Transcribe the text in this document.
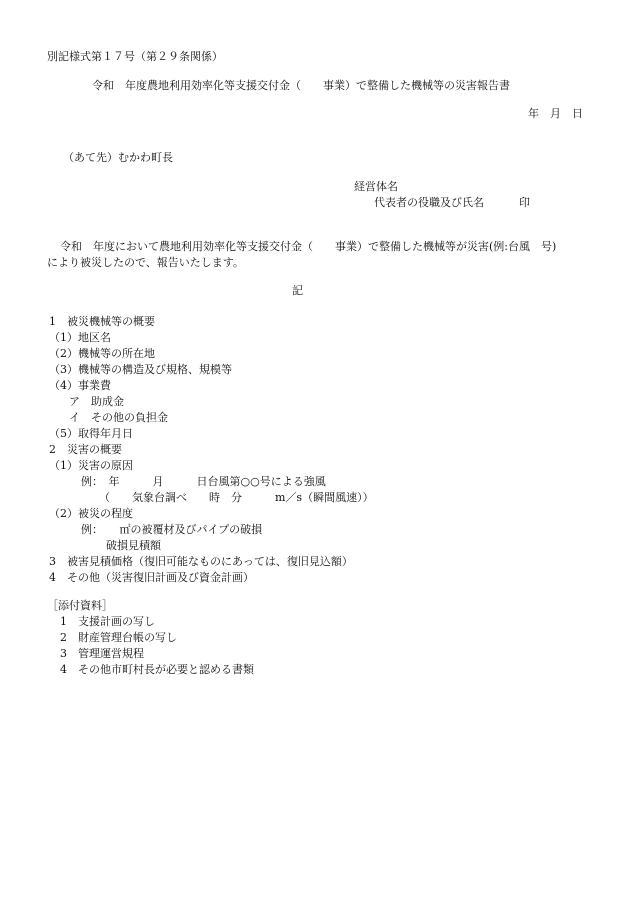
別記様式第１７号（第２９条関係）
令和　年度農地利用効率化等支援交付金（　　事業）で整備した機械等の災害報告書
年　月　日
（あて先）むかわ町長
経営体名
代表者の役職及び氏名	印
令和　年度において農地利用効率化等支援交付金（　　事業）で整備した機械等が災害(例:台風　号)
により被災したので、報告いたします。
記
1　被災機械等の概要
（1）地区名
（2）機械等の所在地
（3）機械等の構造及び規格、規模等
（4）事業費
ア　助成金
イ　その他の負担金
（5）取得年月日
2　災害の概要
（1）災害の原因
例：　年　　　月　　　日台風第○○号による強風
（　　気象台調べ　　時　分　　　m／s（瞬間風速））
（2）被災の程度
例：　　㎡の被覆材及びパイプの破損
破損見積額
3　被害見積価格（復旧可能なものにあっては、復旧見込額）
4　その他（災害復旧計画及び資金計画）
［添付資料］
1　支援計画の写し
2　財産管理台帳の写し
3　管理運営規程
4　その他市町村長が必要と認める書類
